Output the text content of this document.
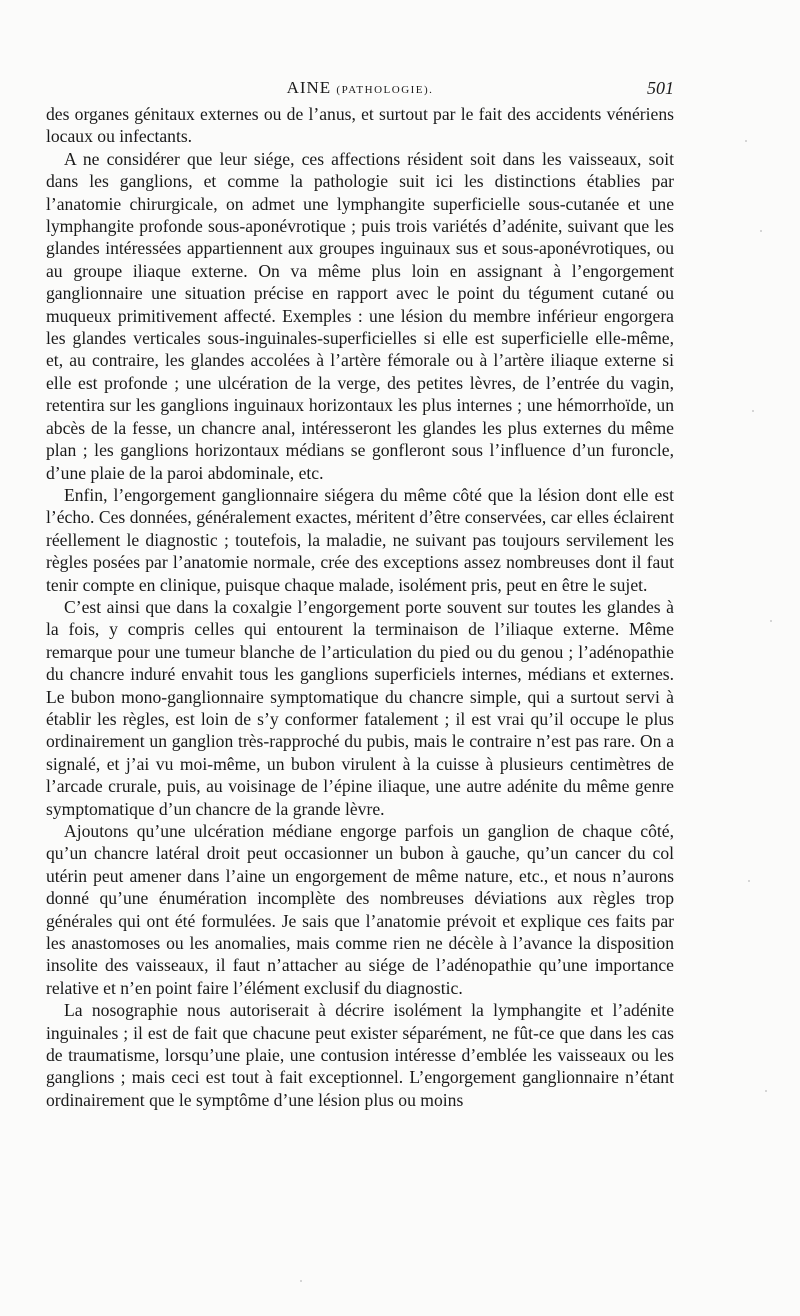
AINE (PATHOLOGIE).	501

des organes génitaux externes ou de l’anus, et surtout par le fait des accidents vénériens locaux ou infectants.

A ne considérer que leur siége, ces affections résident soit dans les vaisseaux, soit dans les ganglions, et comme la pathologie suit ici les distinctions établies par l’anatomie chirurgicale, on admet une lymphangite superficielle sous-cutanée et une lymphangite profonde sous-aponévrotique ; puis trois variétés d’adénite, suivant que les glandes intéressées appartiennent aux groupes inguinaux sus et sous-aponévrotiques, ou au groupe iliaque externe. On va même plus loin en assignant à l’engorgement ganglionnaire une situation précise en rapport avec le point du tégument cutané ou muqueux primitivement affecté. Exemples : une lésion du membre inférieur engorgera les glandes verticales sous-inguinales-superficielles si elle est superficielle elle-même, et, au contraire, les glandes accolées à l’artère fémorale ou à l’artère iliaque externe si elle est profonde ; une ulcération de la verge, des petites lèvres, de l’entrée du vagin, retentira sur les ganglions inguinaux horizontaux les plus internes ; une hémorrhoïde, un abcès de la fesse, un chancre anal, intéresseront les glandes les plus externes du même plan ; les ganglions horizontaux médians se gonfleront sous l’influence d’un furoncle, d’une plaie de la paroi abdominale, etc.

Enfin, l’engorgement ganglionnaire siégera du même côté que la lésion dont elle est l’écho. Ces données, généralement exactes, méritent d’être conservées, car elles éclairent réellement le diagnostic ; toutefois, la maladie, ne suivant pas toujours servilement les règles posées par l’anatomie normale, crée des exceptions assez nombreuses dont il faut tenir compte en clinique, puisque chaque malade, isolément pris, peut en être le sujet.

C’est ainsi que dans la coxalgie l’engorgement porte souvent sur toutes les glandes à la fois, y compris celles qui entourent la terminaison de l’iliaque externe. Même remarque pour une tumeur blanche de l’articulation du pied ou du genou ; l’adénopathie du chancre induré envahit tous les ganglions superficiels internes, médians et externes. Le bubon mono-ganglionnaire symptomatique du chancre simple, qui a surtout servi à établir les règles, est loin de s’y conformer fatalement ; il est vrai qu’il occupe le plus ordinairement un ganglion très-rapproché du pubis, mais le contraire n’est pas rare. On a signalé, et j’ai vu moi-même, un bubon virulent à la cuisse à plusieurs centimètres de l’arcade crurale, puis, au voisinage de l’épine iliaque, une autre adénite du même genre symptomatique d’un chancre de la grande lèvre.

Ajoutons qu’une ulcération médiane engorge parfois un ganglion de chaque côté, qu’un chancre latéral droit peut occasionner un bubon à gauche, qu’un cancer du col utérin peut amener dans l’aine un engorgement de même nature, etc., et nous n’aurons donné qu’une énumération incomplète des nombreuses déviations aux règles trop générales qui ont été formulées. Je sais que l’anatomie prévoit et explique ces faits par les anastomoses ou les anomalies, mais comme rien ne décèle à l’avance la disposition insolite des vaisseaux, il faut n’attacher au siége de l’adénopathie qu’une importance relative et n’en point faire l’élément exclusif du diagnostic.

La nosographie nous autoriserait à décrire isolément la lymphangite et l’adénite inguinales ; il est de fait que chacune peut exister séparément, ne fût-ce que dans les cas de traumatisme, lorsqu’une plaie, une contusion intéresse d’emblée les vaisseaux ou les ganglions ; mais ceci est tout à fait exceptionnel. L’engorgement ganglionnaire n’étant ordinairement que le symptôme d’une lésion plus ou moins
